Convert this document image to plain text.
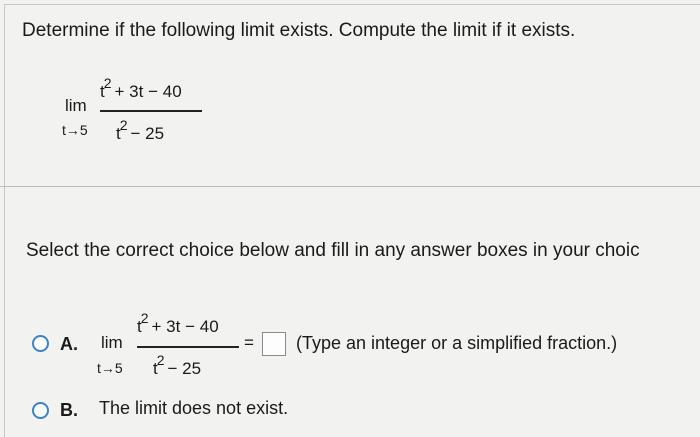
Determine if the following limit exists. Compute the limit if it exists.
lim
t→5
$t^2 + 3t - 40$
$t^2 - 25$
Select the correct choice below and fill in any answer boxes in your choic
A. lim
t→5
$t^2 + 3t - 40$
$t^2 - 25$
= (Type an integer or a simplified fraction.)
B. The limit does not exist.
